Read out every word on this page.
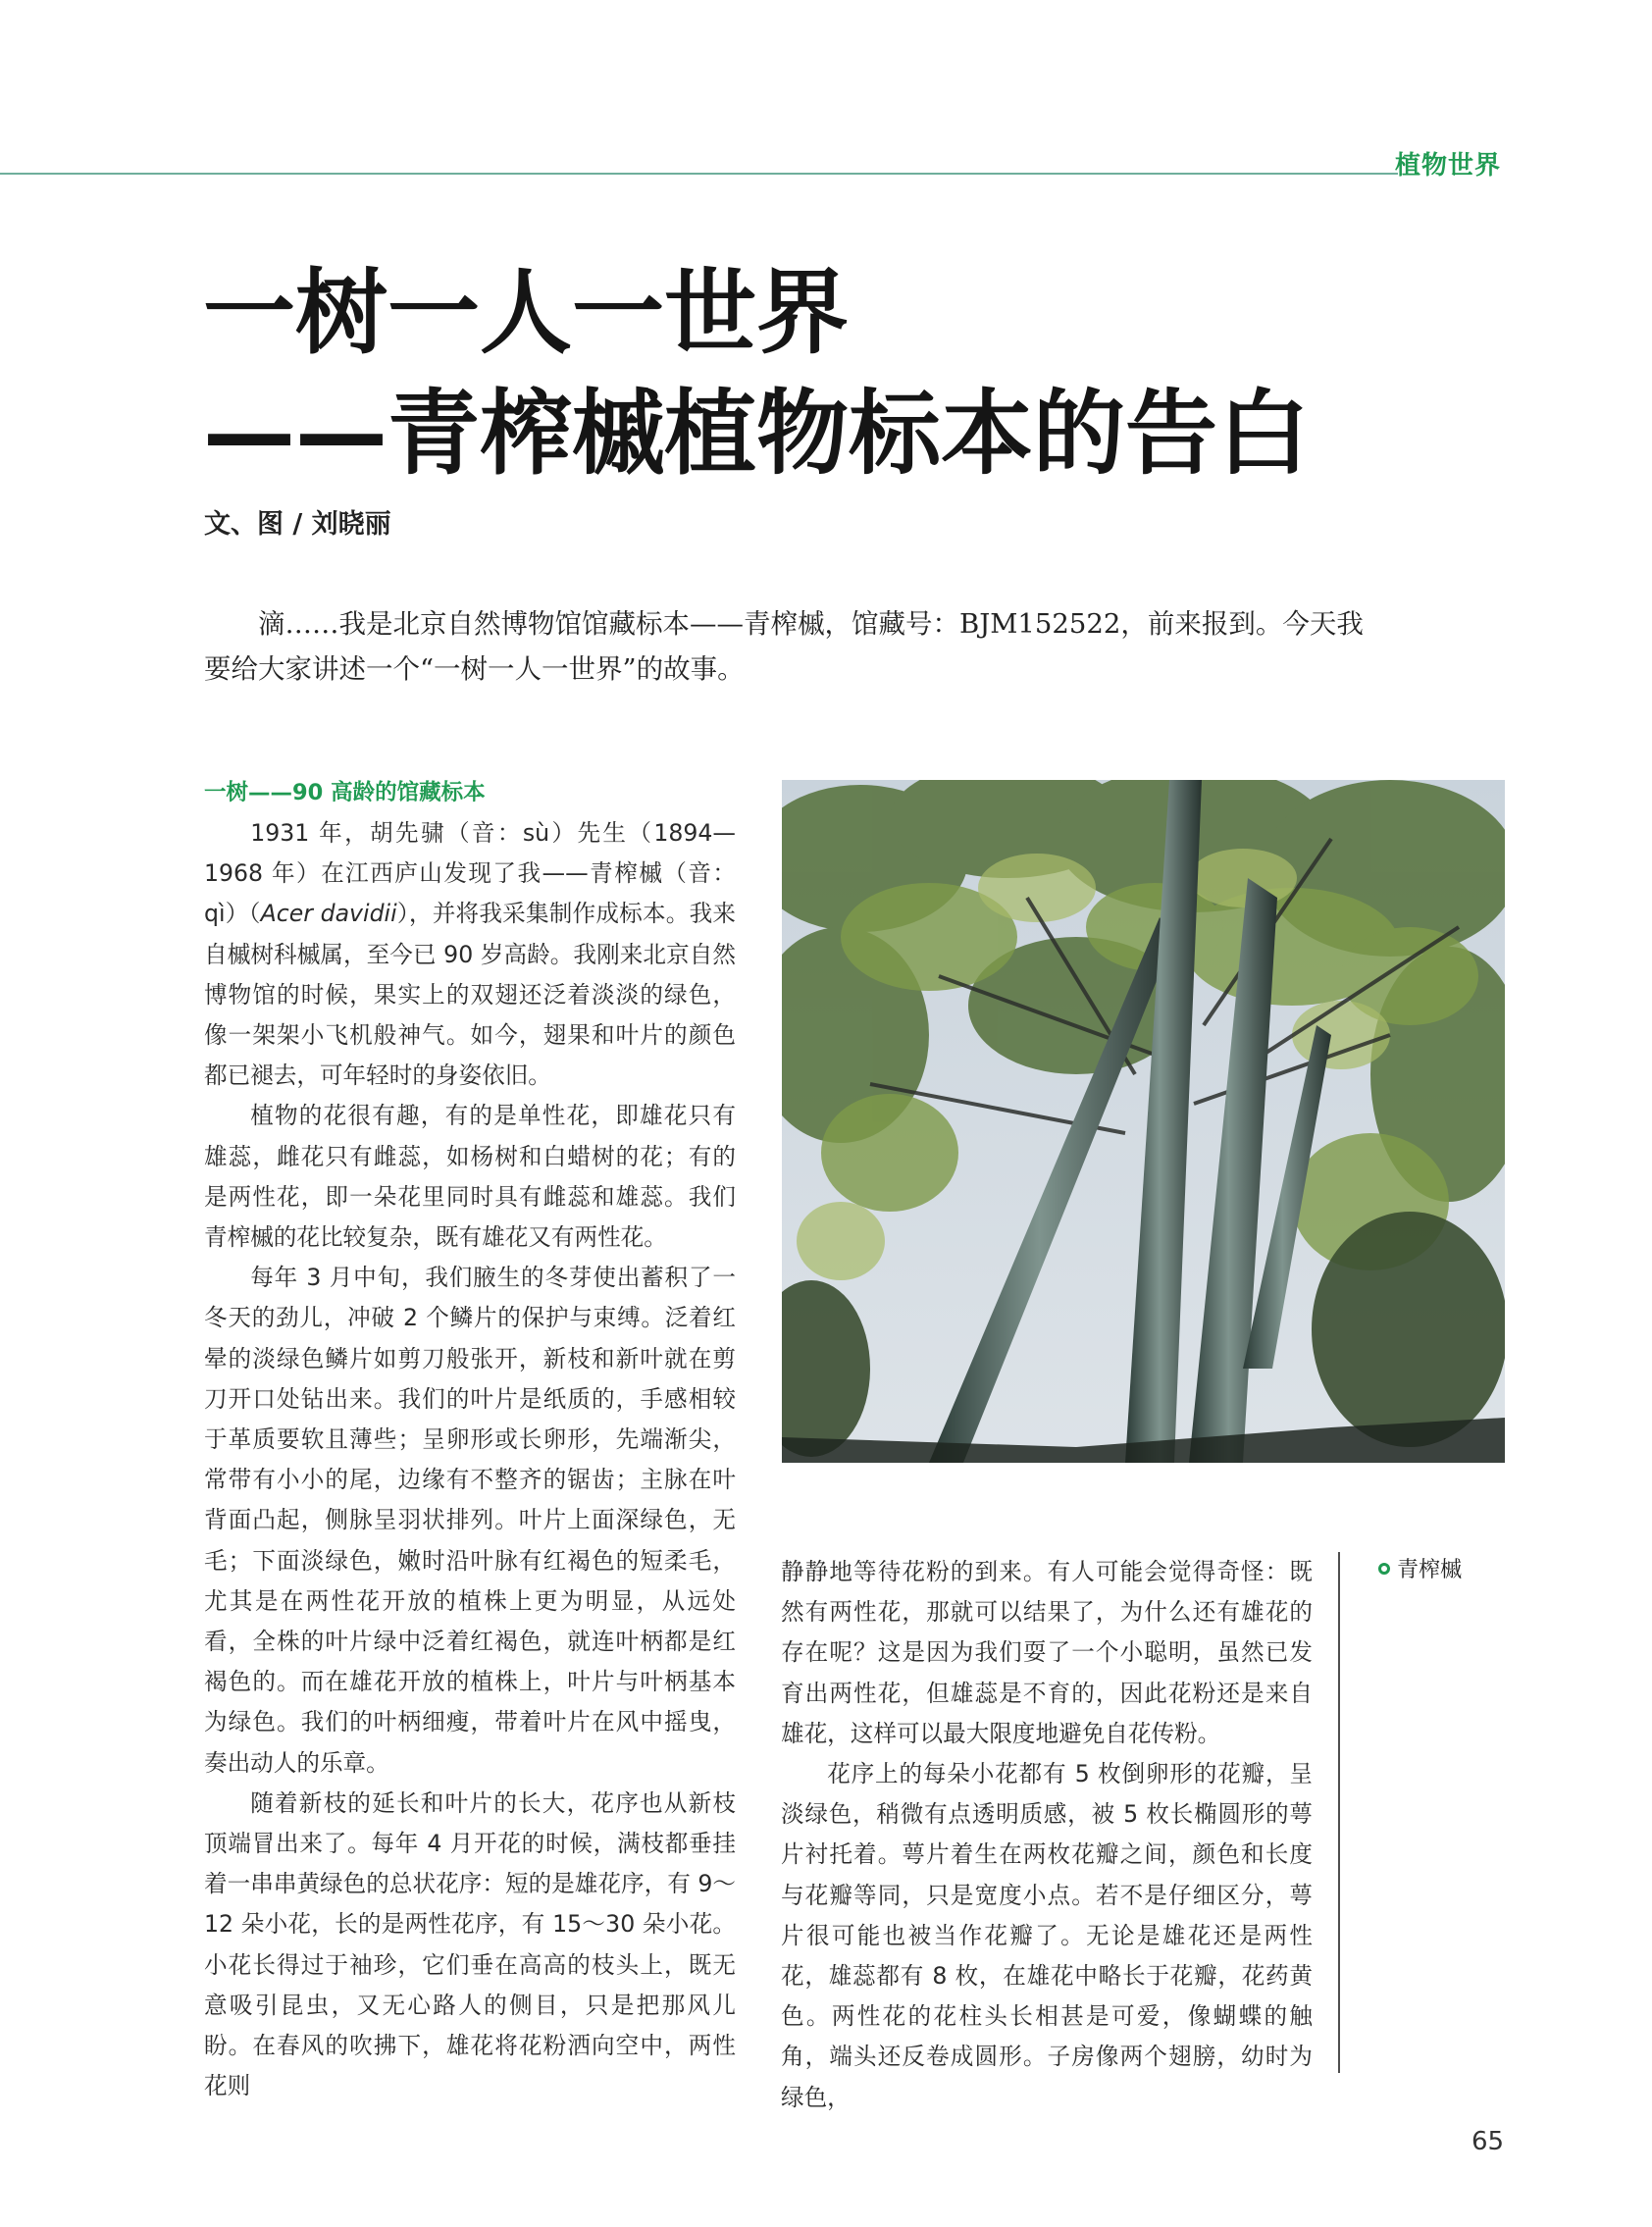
植物世界
一树一人一世界
——青榨槭植物标本的告白
文、图 / 刘晓丽

滴……我是北京自然博物馆馆藏标本——青榨槭，馆藏号：BJM152522，前来报到。今天我要给大家讲述一个“一树一人一世界”的故事。

一树——90 高龄的馆藏标本

1931 年，胡先骕（音：sù）先生（1894—1968 年）在江西庐山发现了我——青榨槭（音：qì）（Acer davidii），并将我采集制作成标本。我来自槭树科槭属，至今已 90 岁高龄。我刚来北京自然博物馆的时候，果实上的双翅还泛着淡淡的绿色，像一架架小飞机般神气。如今，翅果和叶片的颜色都已褪去，可年轻时的身姿依旧。

植物的花很有趣，有的是单性花，即雄花只有雄蕊，雌花只有雌蕊，如杨树和白蜡树的花；有的是两性花，即一朵花里同时具有雌蕊和雄蕊。我们青榨槭的花比较复杂，既有雄花又有两性花。

每年 3 月中旬，我们腋生的冬芽使出蓄积了一冬天的劲儿，冲破 2 个鳞片的保护与束缚。泛着红晕的淡绿色鳞片如剪刀般张开，新枝和新叶就在剪刀开口处钻出来。我们的叶片是纸质的，手感相较于革质要软且薄些；呈卵形或长卵形，先端渐尖，常带有小小的尾，边缘有不整齐的锯齿；主脉在叶背面凸起，侧脉呈羽状排列。叶片上面深绿色，无毛；下面淡绿色，嫩时沿叶脉有红褐色的短柔毛，尤其是在两性花开放的植株上更为明显，从远处看，全株的叶片绿中泛着红褐色，就连叶柄都是红褐色的。而在雄花开放的植株上，叶片与叶柄基本为绿色。我们的叶柄细瘦，带着叶片在风中摇曳，奏出动人的乐章。

随着新枝的延长和叶片的长大，花序也从新枝顶端冒出来了。每年 4 月开花的时候，满枝都垂挂着一串串黄绿色的总状花序：短的是雄花序，有 9～12 朵小花，长的是两性花序，有 15～30 朵小花。小花长得过于袖珍，它们垂在高高的枝头上，既无意吸引昆虫，又无心路人的侧目，只是把那风儿盼。在春风的吹拂下，雄花将花粉洒向空中，两性花则

青榨槭

静静地等待花粉的到来。有人可能会觉得奇怪：既然有两性花，那就可以结果了，为什么还有雄花的存在呢？这是因为我们耍了一个小聪明，虽然已发育出两性花，但雄蕊是不育的，因此花粉还是来自雄花，这样可以最大限度地避免自花传粉。

花序上的每朵小花都有 5 枚倒卵形的花瓣，呈淡绿色，稍微有点透明质感，被 5 枚长椭圆形的萼片衬托着。萼片着生在两枚花瓣之间，颜色和长度与花瓣等同，只是宽度小点。若不是仔细区分，萼片很可能也被当作花瓣了。无论是雄花还是两性花，雄蕊都有 8 枚，在雄花中略长于花瓣，花药黄色。两性花的花柱头长相甚是可爱，像蝴蝶的触角，端头还反卷成圆形。子房像两个翅膀，幼时为绿色，

65
